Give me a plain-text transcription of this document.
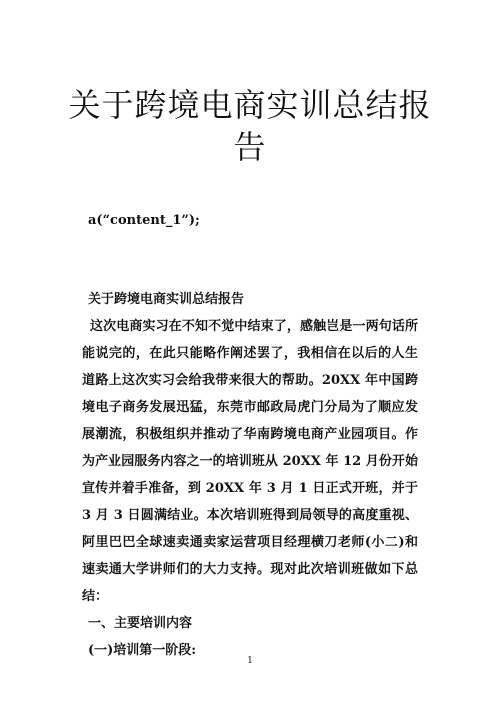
关于跨境电商实训总结报告

a(“content_1”);

关于跨境电商实训总结报告

这次电商实习在不知不觉中结束了，感触岂是一两句话所能说完的，在此只能略作阐述罢了，我相信在以后的人生道路上这次实习会给我带来很大的帮助。20XX 年中国跨境电子商务发展迅猛，东莞市邮政局虎门分局为了顺应发展潮流，积极组织并推动了华南跨境电商产业园项目。作为产业园服务内容之一的培训班从 20XX 年 12 月份开始宣传并着手准备，到 20XX 年 3 月 1 日正式开班，并于 3 月 3 日圆满结业。本次培训班得到局领导的高度重视、阿里巴巴全球速卖通卖家运营项目经理横刀老师(小二)和速卖通大学讲师们的大力支持。现对此次培训班做如下总结：

一、主要培训内容

(一)培训第一阶段:

1
